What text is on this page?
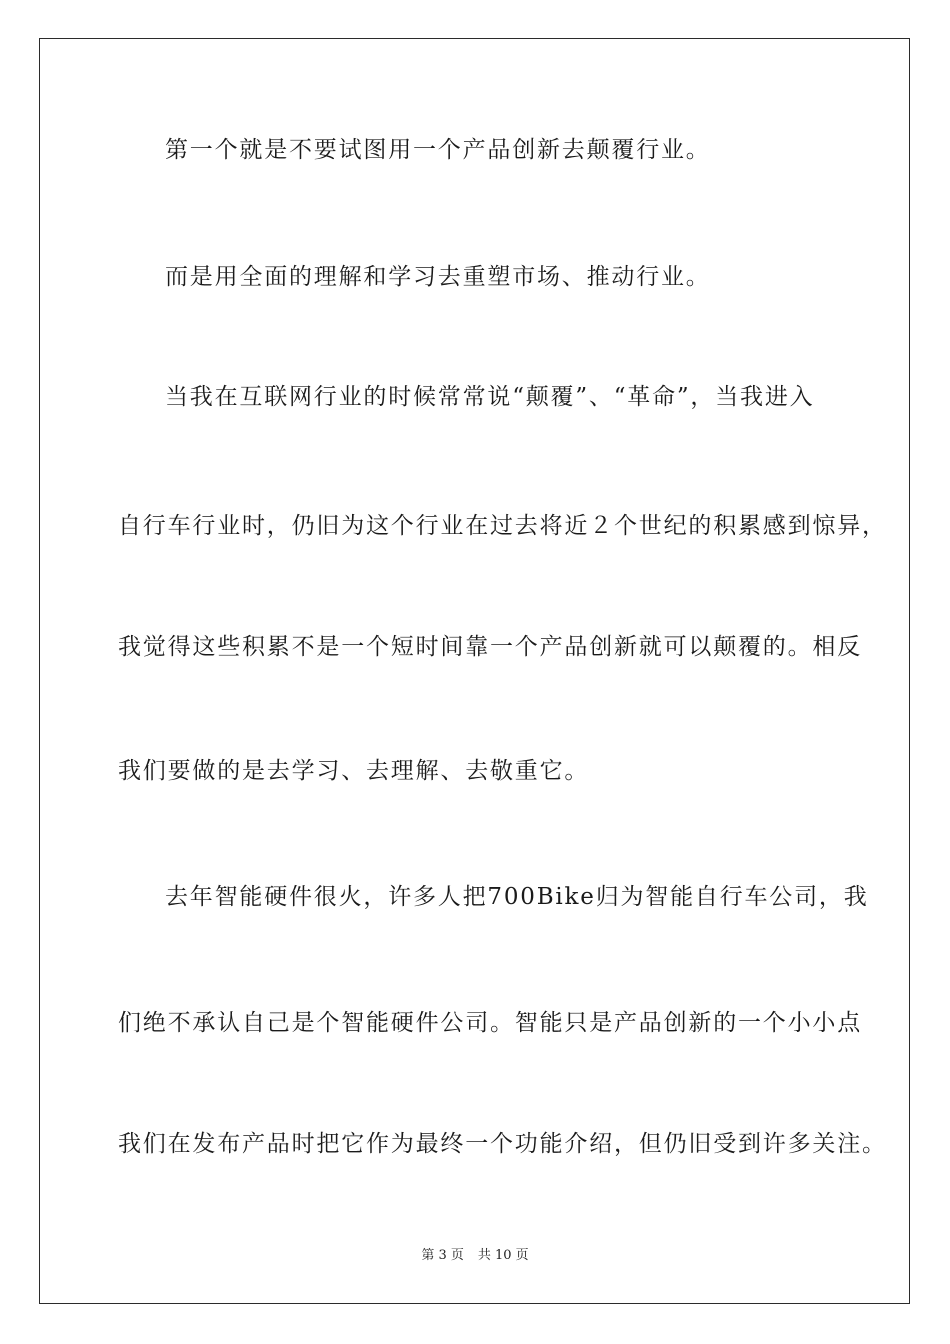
第一个就是不要试图用一个产品创新去颠覆行业。
而是用全面的理解和学习去重塑市场、推动行业。
当我在互联网行业的时候常常说“颠覆”、“革命”，当我进入
自行车行业时，仍旧为这个行业在过去将近２个世纪的积累感到惊异，
我觉得这些积累不是一个短时间靠一个产品创新就可以颠覆的。相反
我们要做的是去学习、去理解、去敬重它。
去年智能硬件很火，许多人把700Bike归为智能自行车公司，我
们绝不承认自己是个智能硬件公司。智能只是产品创新的一个小小点
我们在发布产品时把它作为最终一个功能介绍，但仍旧受到许多关注。
第 3 页 共 10 页
